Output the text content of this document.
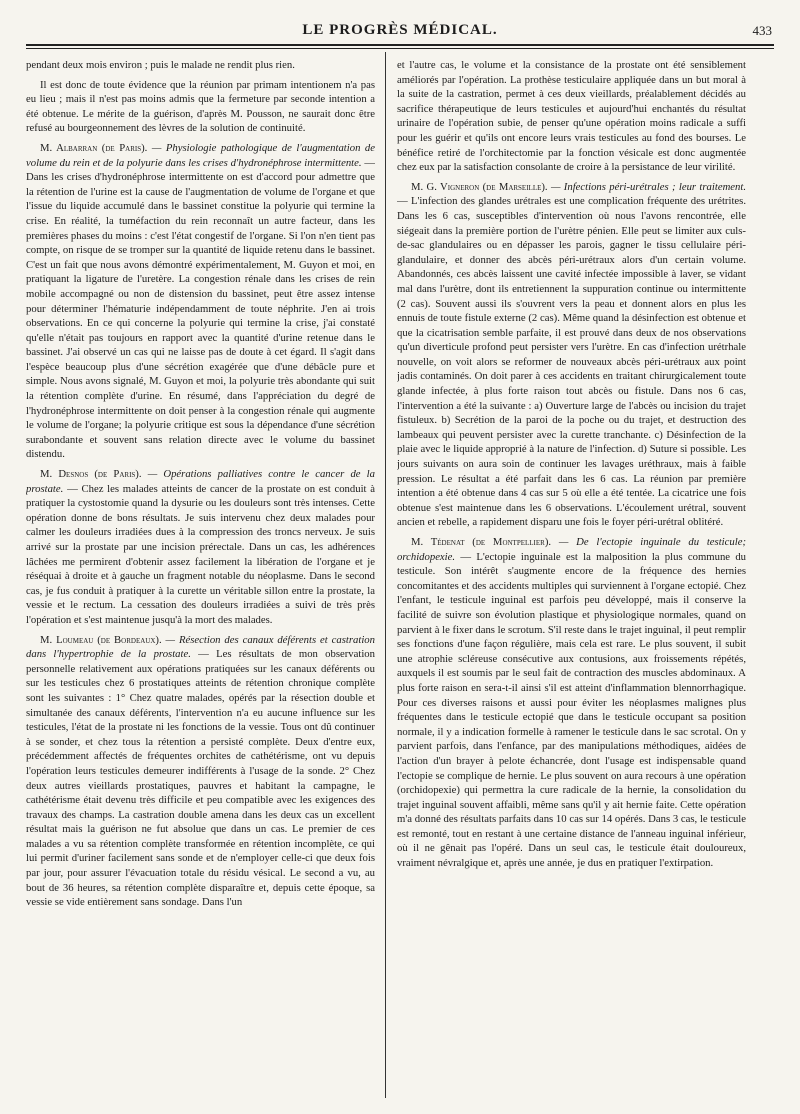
LE PROGRÈS MÉDICAL.	433

pendant deux mois environ ; puis le malade ne rendit plus rien.

Il est donc de toute évidence que la réunion par primam intentionem n'a pas eu lieu ; mais il n'est pas moins admis que la fermeture par seconde intention a été obtenue. Le mérite de la guérison, d'après M. Pousson, ne saurait donc être refusé au bourgeonnement des lèvres de la solution de continuité.

M. Albarran (de Paris). — Physiologie pathologique de l'augmentation de volume du rein et de la polyurie dans les crises d'hydronéphrose intermittente. — Dans les crises d'hydronéphrose intermittente on est d'accord pour admettre que la rétention de l'urine est la cause de l'augmentation de volume de l'organe et que l'issue du liquide accumulé dans le bassinet constitue la polyurie qui termine la crise. En réalité, la tuméfaction du rein reconnaît un autre facteur, dans les premières phases du moins : c'est l'état congestif de l'organe. Si l'on n'en tient pas compte, on risque de se tromper sur la quantité de liquide retenu dans le bassinet. C'est un fait que nous avons démontré expérimentalement, M. Guyon et moi, en pratiquant la ligature de l'uretère. La congestion rénale dans les crises de rein mobile accompagné ou non de distension du bassinet, peut être assez intense pour déterminer l'hématurie indépendamment de toute néphrite. J'en ai trois observations. En ce qui concerne la polyurie qui termine la crise, j'ai constaté qu'elle n'était pas toujours en rapport avec la quantité d'urine retenue dans le bassinet. J'ai observé un cas qui ne laisse pas de doute à cet égard. Il s'agit dans l'espèce beaucoup plus d'une sécrétion exagérée que d'une débâcle pure et simple. Nous avons signalé, M. Guyon et moi, la polyurie très abondante qui suit la rétention complète d'urine. En résumé, dans l'appréciation du degré de l'hydronéphrose intermittente on doit penser à la congestion rénale qui augmente le volume de l'organe; la polyurie critique est sous la dépendance d'une sécrétion surabondante et souvent sans relation directe avec le volume du bassinet distendu.

M. Desnos (de Paris). — Opérations palliatives contre le cancer de la prostate. — Chez les malades atteints de cancer de la prostate on est conduit à pratiquer la cystostomie quand la dysurie ou les douleurs sont très intenses. Cette opération donne de bons résultats. Je suis intervenu chez deux malades pour calmer les douleurs irradiées dues à la compression des troncs nerveux. Je suis arrivé sur la prostate par une incision prérectale. Dans un cas, les adhérences lâchées me permirent d'obtenir assez facilement la libération de l'organe et je réséquai à droite et à gauche un fragment notable du néoplasme. Dans le second cas, je fus conduit à pratiquer à la curette un véritable sillon entre la prostate, la vessie et le rectum. La cessation des douleurs irradiées a suivi de très près l'opération et s'est maintenue jusqu'à la mort des malades.

M. Loumeau (de Bordeaux). — Résection des canaux déférents et castration dans l'hypertrophie de la prostate. — Les résultats de mon observation personnelle relativement aux opérations pratiquées sur les canaux déférents ou sur les testicules chez 6 prostatiques atteints de rétention chronique complète sont les suivantes : 1° Chez quatre malades, opérés par la résection double et simultanée des canaux déférents, l'intervention n'a eu aucune influence sur les testicules, l'état de la prostate ni les fonctions de la vessie. Tous ont dû continuer à se sonder, et chez tous la rétention a persisté complète. Deux d'entre eux, précédemment affectés de fréquentes orchites de cathétérisme, ont vu depuis l'opération leurs testicules demeurer indifférents à l'usage de la sonde. 2° Chez deux autres vieillards prostatiques, pauvres et habitant la campagne, le cathétérisme était devenu très difficile et peu compatible avec les exigences des travaux des champs. La castration double amena dans les deux cas un excellent résultat mais la guérison ne fut absolue que dans un cas. Le premier de ces malades a vu sa rétention complète transformée en rétention incomplète, ce qui lui permit d'uriner facilement sans sonde et de n'employer celle-ci que deux fois par jour, pour assurer l'évacuation totale du résidu vésical. Le second a vu, au bout de 36 heures, sa rétention complète disparaître et, depuis cette époque, sa vessie se vide entièrement sans sondage. Dans l'un

et l'autre cas, le volume et la consistance de la prostate ont été sensiblement améliorés par l'opération. La prothèse testiculaire appliquée dans un but moral à la suite de la castration, permet à ces deux vieillards, préalablement décidés au sacrifice thérapeutique de leurs testicules et aujourd'hui enchantés du résultat urinaire de l'opération subie, de penser qu'une opération moins radicale a suffi pour les guérir et qu'ils ont encore leurs vrais testicules au fond des bourses. Le bénéfice retiré de l'orchitectomie par la fonction vésicale est donc augmentée chez eux par la satisfaction consolante de croire à la persistance de leur virilité.

M. G. Vigneron (de Marseille). — Infections péri-urétrales ; leur traitement. — L'infection des glandes urétrales est une complication fréquente des urétrites. Dans les 6 cas, susceptibles d'intervention où nous l'avons rencontrée, elle siégeait dans la première portion de l'urètre pénien. Elle peut se limiter aux culs-de-sac glandulaires ou en dépasser les parois, gagner le tissu cellulaire péri-glandulaire, et donner des abcès péri-urétraux alors d'un certain volume. Abandonnés, ces abcès laissent une cavité infectée impossible à laver, se vidant mal dans l'urètre, dont ils entretiennent la suppuration continue ou intermittente (2 cas). Souvent aussi ils s'ouvrent vers la peau et donnent alors en plus les ennuis de toute fistule externe (2 cas). Même quand la désinfection est obtenue et que la cicatrisation semble parfaite, il est prouvé dans deux de nos observations qu'un diverticule profond peut persister vers l'urètre. En cas d'infection urétrhale nouvelle, on voit alors se reformer de nouveaux abcès péri-urétraux aux point jadis contaminés. On doit parer à ces accidents en traitant chirurgicalement toute glande infectée, à plus forte raison tout abcès ou fistule. Dans nos 6 cas, l'intervention a été la suivante : a) Ouverture large de l'abcès ou incision du trajet fistuleux. b) Secrétion de la paroi de la poche ou du trajet, et destruction des lambeaux qui peuvent persister avec la curette tranchante. c) Désinfection de la plaie avec le liquide approprié à la nature de l'infection. d) Suture si possible. Les jours suivants on aura soin de continuer les lavages uréthraux, mais à faible pression. Le résultat a été parfait dans les 6 cas. La réunion par première intention a été obtenue dans 4 cas sur 5 où elle a été tentée. La cicatrice une fois obtenue s'est maintenue dans les 6 observations. L'écoulement urétral, souvent ancien et rebelle, a rapidement disparu une fois le foyer péri-urétral oblitéré.

M. Tédenat (de Montpellier). — De l'ectopie inguinale du testicule; orchidopexie. — L'ectopie inguinale est la malposition la plus commune du testicule. Son intérêt s'augmente encore de la fréquence des hernies concomitantes et des accidents multiples qui surviennent à l'organe ectopié. Chez l'enfant, le testicule inguinal est parfois peu développé, mais il conserve la facilité de suivre son évolution plastique et physiologique normales, quand on parvient à le fixer dans le scrotum. S'il reste dans le trajet inguinal, il peut remplir ses fonctions d'une façon régulière, mais cela est rare. Le plus souvent, il subit une atrophie scléreuse consécutive aux contusions, aux froissements répétés, auxquels il est soumis par le seul fait de contraction des muscles abdominaux. A plus forte raison en sera-t-il ainsi s'il est atteint d'inflammation blennorrhagique. Pour ces diverses raisons et aussi pour éviter les néoplasmes malignes plus fréquentes dans le testicule ectopié que dans le testicule occupant sa position normale, il y a indication formelle à ramener le testicule dans le sac scrotal. On y parvient parfois, dans l'enfance, par des manipulations méthodiques, aidées de l'action d'un brayer à pelote échancrée, dont l'usage est indispensable quand l'ectopie se complique de hernie. Le plus souvent on aura recours à une opération (orchidopexie) qui permettra la cure radicale de la hernie, la consolidation du trajet inguinal souvent affaibli, même sans qu'il y ait hernie faite. Cette opération m'a donné des résultats parfaits dans 10 cas sur 14 opérés. Dans 3 cas, le testicule est remonté, tout en restant à une certaine distance de l'anneau inguinal inférieur, où il ne gênait pas l'opéré. Dans un seul cas, le testicule était douloureux, vraiment névralgique et, après une année, je dus en pratiquer l'extirpation.
